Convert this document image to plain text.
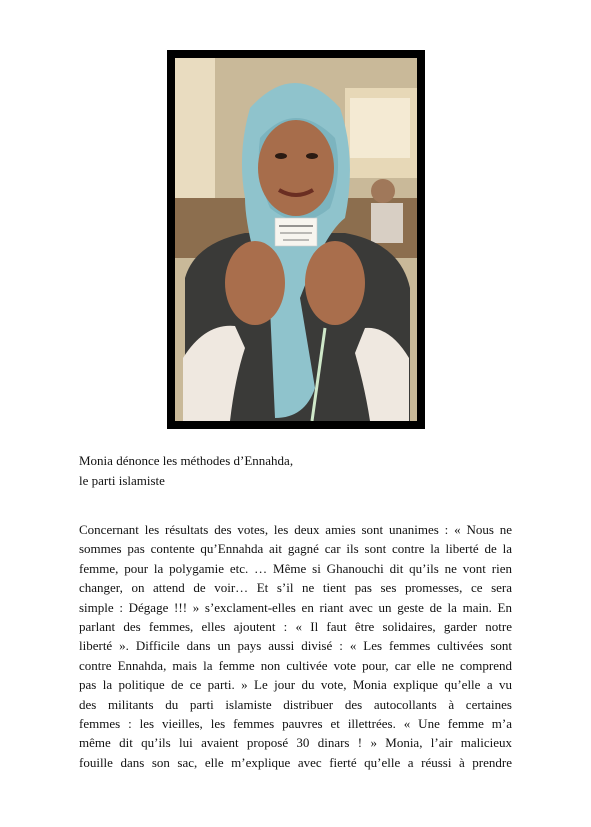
Monia dénonce les méthodes d’Ennahda,
le parti islamiste
Concernant les résultats des votes, les deux amies sont unanimes : « Nous ne
sommes pas contente qu’Ennahda ait gagné car ils sont contre la liberté de la
femme, pour la polygamie etc. … Même si Ghanouchi dit qu’ils ne vont rien
changer, on attend de voir… Et s’il ne tient pas ses promesses, ce sera
simple : Dégage !!! » s’exclament-elles en riant avec un geste de la main. En
parlant des femmes, elles ajoutent : « Il faut être solidaires, garder notre
liberté ». Difficile dans un pays aussi divisé : « Les femmes cultivées sont
contre Ennahda, mais la femme non cultivée vote pour, car elle ne comprend
pas la politique de ce parti. » Le jour du vote, Monia explique qu’elle a vu
des militants du parti islamiste distribuer des autocollants à certaines
femmes : les vieilles, les femmes pauvres et illettrées. « Une femme m’a
même dit qu’ils lui avaient proposé 30 dinars ! » Monia, l’air malicieux
fouille dans son sac, elle m’explique avec fierté qu’elle a réussi à prendre
